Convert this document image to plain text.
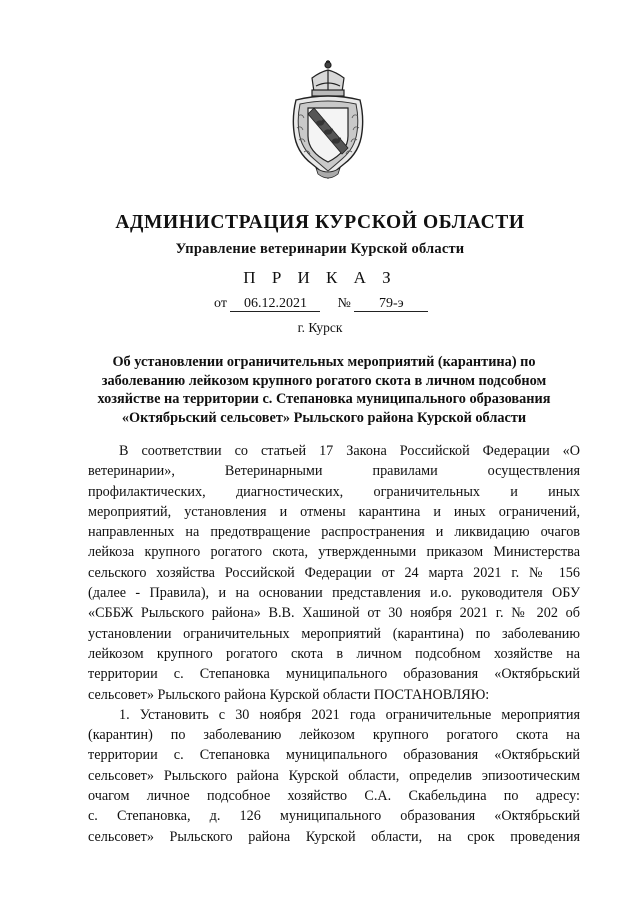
АДМИНИСТРАЦИЯ КУРСКОЙ ОБЛАСТИ
Управление ветеринарии Курской области
П Р И К А З
от 06.12.2021 № 79-э
г. Курск
Об установлении ограничительных мероприятий (карантина) по
заболеванию лейкозом крупного рогатого скота в личном подсобном
хозяйстве на территории с. Степановка муниципального образования
«Октябрьский сельсовет» Рыльского района Курской области

В соответствии со статьей 17 Закона Российской Федерации «О
ветеринарии», Ветеринарными правилами осуществления
профилактических, диагностических, ограничительных и иных
мероприятий, установления и отмены карантина и иных ограничений,
направленных на предотвращение распространения и ликвидацию очагов
лейкоза крупного рогатого скота, утвержденными приказом Министерства
сельского хозяйства Российской Федерации от 24 марта 2021 г. № 156
(далее - Правила), и на основании представления и.о. руководителя ОБУ
«СББЖ Рыльского района» В.В. Хашиной от 30 ноября 2021 г. № 202 об
установлении ограничительных мероприятий (карантина) по заболеванию
лейкозом крупного рогатого скота в личном подсобном хозяйстве на
территории с. Степановка муниципального образования «Октябрьский
сельсовет» Рыльского района Курской области ПОСТАНОВЛЯЮ:

1. Установить с 30 ноября 2021 года ограничительные мероприятия
(карантин) по заболеванию лейкозом крупного рогатого скота на
территории с. Степановка муниципального образования «Октябрьский
сельсовет» Рыльского района Курской области, определив эпизоотическим
очагом личное подсобное хозяйство С.А. Скабельдина по адресу:
с. Степановка, д. 126 муниципального образования «Октябрьский
сельсовет» Рыльского района Курской области, на срок проведения
